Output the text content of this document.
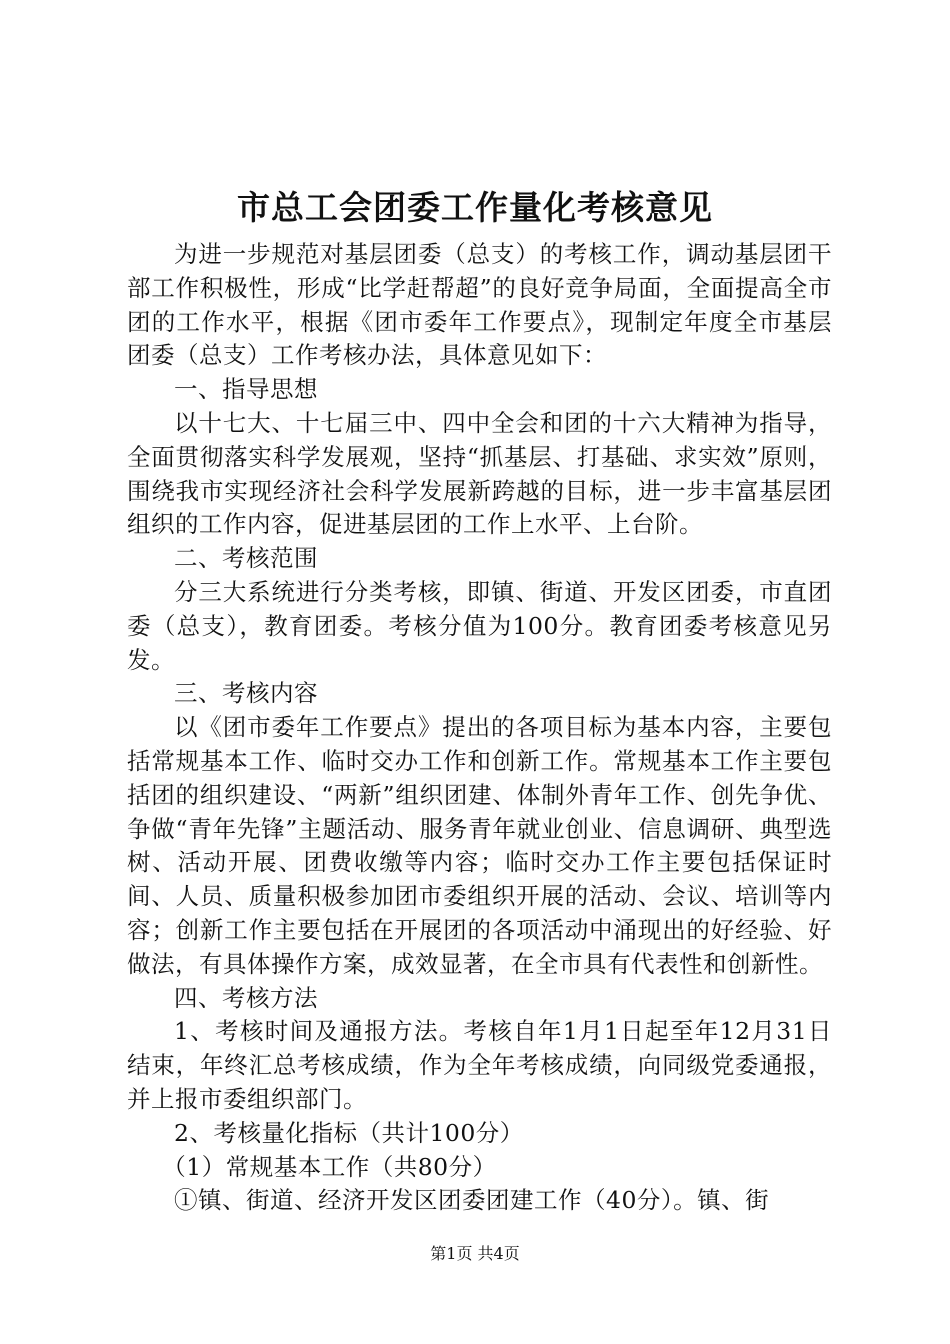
市总工会团委工作量化考核意见

为进一步规范对基层团委（总支）的考核工作，调动基层团干部工作积极性，形成“比学赶帮超”的良好竞争局面，全面提高全市团的工作水平，根据《团市委年工作要点》，现制定年度全市基层团委（总支）工作考核办法，具体意见如下：

一、指导思想

以十七大、十七届三中、四中全会和团的十六大精神为指导，全面贯彻落实科学发展观，坚持“抓基层、打基础、求实效”原则，围绕我市实现经济社会科学发展新跨越的目标，进一步丰富基层团组织的工作内容，促进基层团的工作上水平、上台阶。

二、考核范围

分三大系统进行分类考核，即镇、街道、开发区团委，市直团委（总支），教育团委。考核分值为100分。教育团委考核意见另发。

三、考核内容

以《团市委年工作要点》提出的各项目标为基本内容，主要包括常规基本工作、临时交办工作和创新工作。常规基本工作主要包括团的组织建设、“两新”组织团建、体制外青年工作、创先争优、争做“青年先锋”主题活动、服务青年就业创业、信息调研、典型选树、活动开展、团费收缴等内容；临时交办工作主要包括保证时间、人员、质量积极参加团市委组织开展的活动、会议、培训等内容；创新工作主要包括在开展团的各项活动中涌现出的好经验、好做法，有具体操作方案，成效显著，在全市具有代表性和创新性。

四、考核方法

1、考核时间及通报方法。考核自年1月1日起至年12月31日结束，年终汇总考核成绩，作为全年考核成绩，向同级党委通报，并上报市委组织部门。

2、考核量化指标（共计100分）

（1）常规基本工作（共80分）

①镇、街道、经济开发区团委团建工作（40分）。镇、街

第1页 共4页
